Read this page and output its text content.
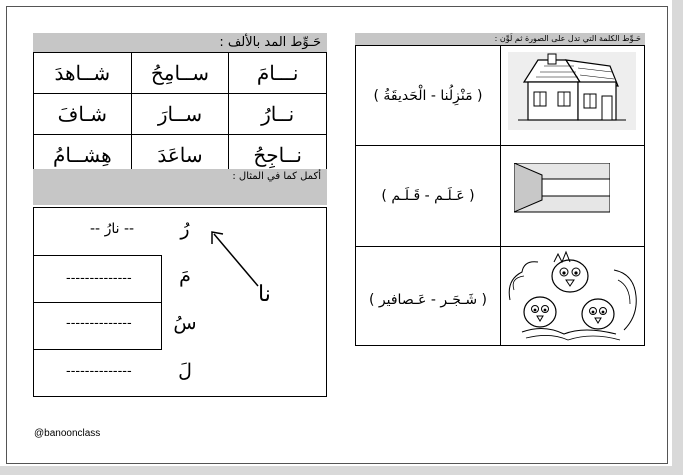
حَـوِّط المد بالألف :
شــاهدَ	ســامِحُ	نـــامَ
شـافَ	ســارَ	نــارُ
هِشــامُ	ساعَدَ	نــاجِحُ
أكمل كما في المثال :
-- نارُ --	رُ
--------------	مَ
--------------	سُ
--------------	لَ
نا
@banoonclass
حَـوِّط الكلمة التي تدل على الصورة ثم لَوِّن :
( مَنْزِلُنا - الْحَديقَةُ )
( عَـلَـم - قَـلَـم )
( شَـجَـر - عَـصافير )
